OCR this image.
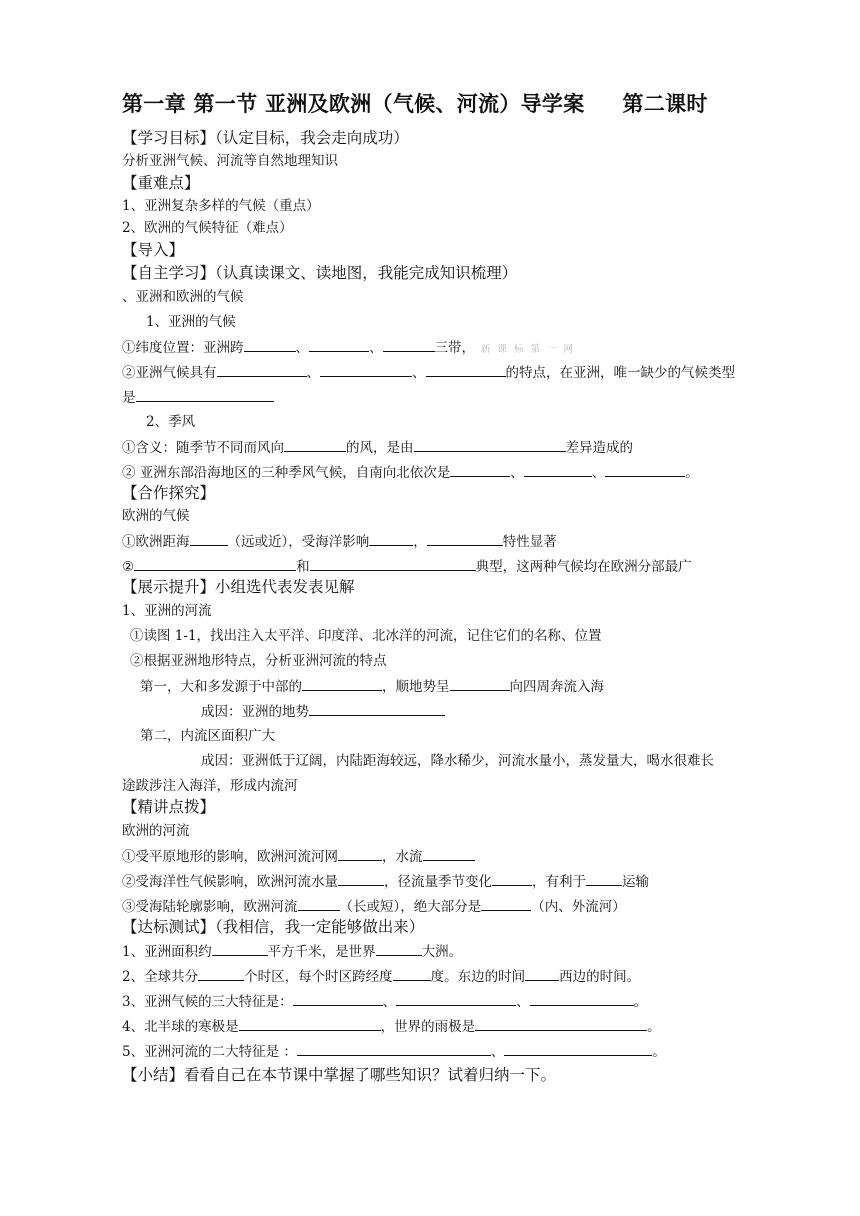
第一章 第一节 亚洲及欧洲（气候、河流）导学案 第二课时
【学习目标】（认定目标，我会走向成功）
分析亚洲气候、河流等自然地理知识
【重难点】
1、亚洲复杂多样的气候（重点）
2、欧洲的气候特征（难点）
【导入】
【自主学习】（认真读课文、读地图，我能完成知识梳理）
、亚洲和欧洲的气候
1、亚洲的气候
①纬度位置：亚洲跨	、	、	三带， 新课标第一网
②亚洲气候具有	、	、	的特点，在亚洲，唯一缺少的气候类型
是
2、季风
①含义：随季节不同而风向	的风，是由	差异造成的
② 亚洲东部沿海地区的三种季风气候，自南向北依次是	、	、	。
【合作探究】
欧洲的气候
①欧洲距海	（远或近），受海洋影响	，	特性显著
②	和	典型，这两种气候均在欧洲分部最广
【展示提升】小组选代表发表见解
1、亚洲的河流
①读图 1-1，找出注入太平洋、印度洋、北冰洋的河流，记住它们的名称、位置
②根据亚洲地形特点，分析亚洲河流的特点
第一，大和多发源于中部的	，顺地势呈	向四周奔流入海
成因：亚洲的地势
第二，内流区面积广大
成因：亚洲低于辽阔，内陆距海较远，降水稀少，河流水量小，蒸发量大，喝水很难长
途跋涉注入海洋，形成内流河
【精讲点拨】
欧洲的河流
①受平原地形的影响，欧洲河流河网	，水流
②受海洋性气候影响，欧洲河流水量	，径流量季节变化	，有利于	运输
③受海陆轮廓影响，欧洲河流	（长或短），绝大部分是	（内、外流河）
【达标测试】（我相信，我一定能够做出来）
1、亚洲面积约	平方千米，是世界	大洲。
2、全球共分	个时区，每个时区跨经度	度。东边的时间	西边的时间。
3、亚洲气候的三大特征是：	、	、	。
4、北半球的寒极是	，世界的雨极是	。
5、亚洲河流的二大特征是 ：	、	。
【小结】看看自己在本节课中掌握了哪些知识？试着归纳一下。
